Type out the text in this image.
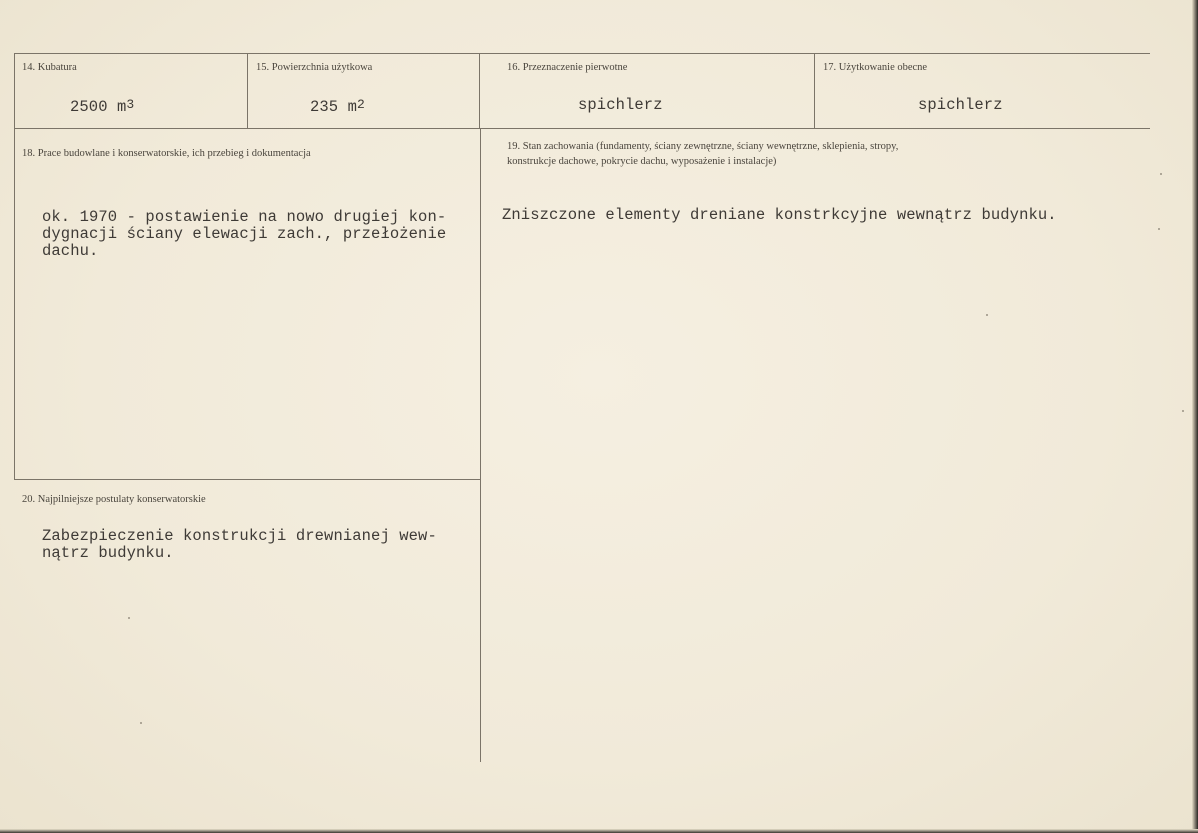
14. Kubatura
2500 $m^3$
15. Powierzchnia użytkowa
235 $m^2$
16. Przeznaczenie pierwotne
spichlerz
17. Użytkowanie obecne
spichlerz
18. Prace budowlane i konserwatorskie, ich przebieg i dokumentacja
ok. 1970 - postawienie na nowo drugiej kon-
dygnacji ściany elewacji zach., przełożenie
dachu.
19. Stan zachowania (fundamenty, ściany zewnętrzne, ściany wewnętrzne, sklepienia, stropy,
konstrukcje dachowe, pokrycie dachu, wyposażenie i instalacje)
Zniszczone elementy dreniane konstrkcyjne wewnątrz budynku.
20. Najpilniejsze postulaty konserwatorskie
Zabezpieczenie konstrukcji drewnianej wew-
nątrz budynku.
